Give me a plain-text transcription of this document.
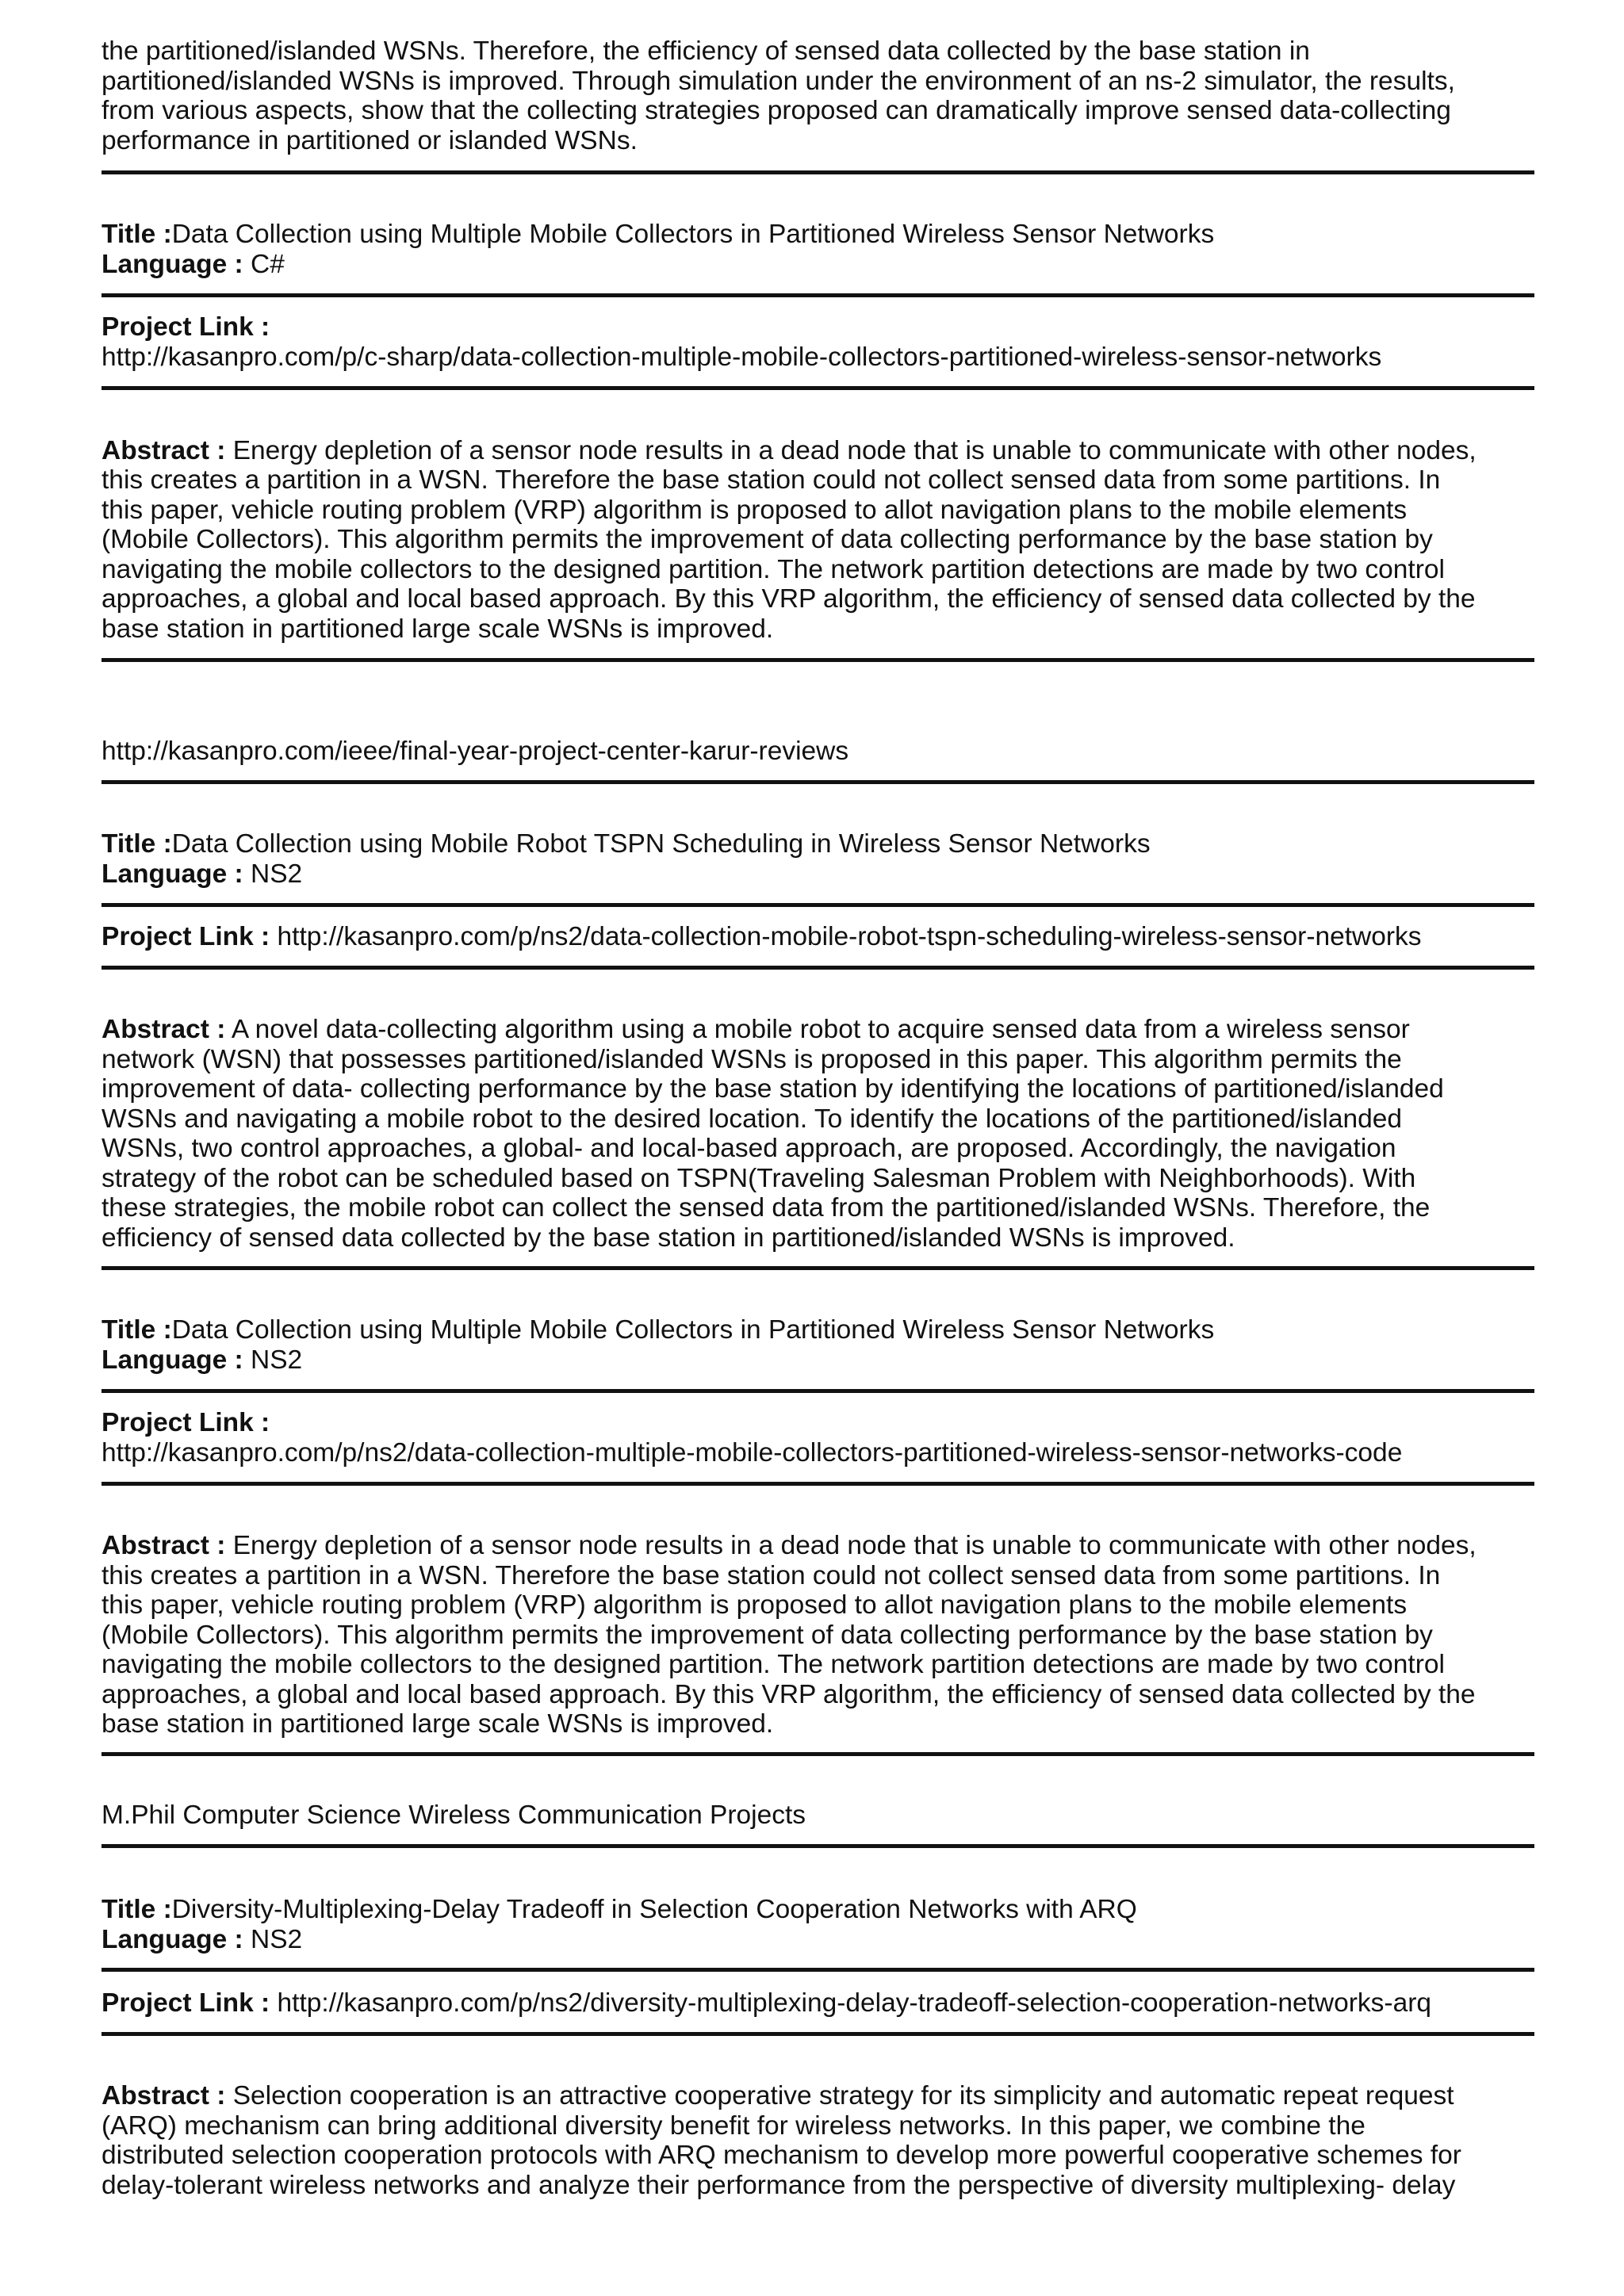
the partitioned/islanded WSNs. Therefore, the efficiency of sensed data collected by the base station in
partitioned/islanded WSNs is improved. Through simulation under the environment of an ns-2 simulator, the results,
from various aspects, show that the collecting strategies proposed can dramatically improve sensed data-collecting
performance in partitioned or islanded WSNs.
Title :Data Collection using Multiple Mobile Collectors in Partitioned Wireless Sensor Networks
Language : C#
Project Link :
http://kasanpro.com/p/c-sharp/data-collection-multiple-mobile-collectors-partitioned-wireless-sensor-networks
Abstract : Energy depletion of a sensor node results in a dead node that is unable to communicate with other nodes,
this creates a partition in a WSN. Therefore the base station could not collect sensed data from some partitions. In
this paper, vehicle routing problem (VRP) algorithm is proposed to allot navigation plans to the mobile elements
(Mobile Collectors). This algorithm permits the improvement of data collecting performance by the base station by
navigating the mobile collectors to the designed partition. The network partition detections are made by two control
approaches, a global and local based approach. By this VRP algorithm, the efficiency of sensed data collected by the
base station in partitioned large scale WSNs is improved.
http://kasanpro.com/ieee/final-year-project-center-karur-reviews
Title :Data Collection using Mobile Robot TSPN Scheduling in Wireless Sensor Networks
Language : NS2
Project Link : http://kasanpro.com/p/ns2/data-collection-mobile-robot-tspn-scheduling-wireless-sensor-networks
Abstract : A novel data-collecting algorithm using a mobile robot to acquire sensed data from a wireless sensor
network (WSN) that possesses partitioned/islanded WSNs is proposed in this paper. This algorithm permits the
improvement of data- collecting performance by the base station by identifying the locations of partitioned/islanded
WSNs and navigating a mobile robot to the desired location. To identify the locations of the partitioned/islanded
WSNs, two control approaches, a global- and local-based approach, are proposed. Accordingly, the navigation
strategy of the robot can be scheduled based on TSPN(Traveling Salesman Problem with Neighborhoods). With
these strategies, the mobile robot can collect the sensed data from the partitioned/islanded WSNs. Therefore, the
efficiency of sensed data collected by the base station in partitioned/islanded WSNs is improved.
Title :Data Collection using Multiple Mobile Collectors in Partitioned Wireless Sensor Networks
Language : NS2
Project Link :
http://kasanpro.com/p/ns2/data-collection-multiple-mobile-collectors-partitioned-wireless-sensor-networks-code
Abstract : Energy depletion of a sensor node results in a dead node that is unable to communicate with other nodes,
this creates a partition in a WSN. Therefore the base station could not collect sensed data from some partitions. In
this paper, vehicle routing problem (VRP) algorithm is proposed to allot navigation plans to the mobile elements
(Mobile Collectors). This algorithm permits the improvement of data collecting performance by the base station by
navigating the mobile collectors to the designed partition. The network partition detections are made by two control
approaches, a global and local based approach. By this VRP algorithm, the efficiency of sensed data collected by the
base station in partitioned large scale WSNs is improved.
M.Phil Computer Science Wireless Communication Projects
Title :Diversity-Multiplexing-Delay Tradeoff in Selection Cooperation Networks with ARQ
Language : NS2
Project Link : http://kasanpro.com/p/ns2/diversity-multiplexing-delay-tradeoff-selection-cooperation-networks-arq
Abstract : Selection cooperation is an attractive cooperative strategy for its simplicity and automatic repeat request
(ARQ) mechanism can bring additional diversity benefit for wireless networks. In this paper, we combine the
distributed selection cooperation protocols with ARQ mechanism to develop more powerful cooperative schemes for
delay-tolerant wireless networks and analyze their performance from the perspective of diversity multiplexing- delay
